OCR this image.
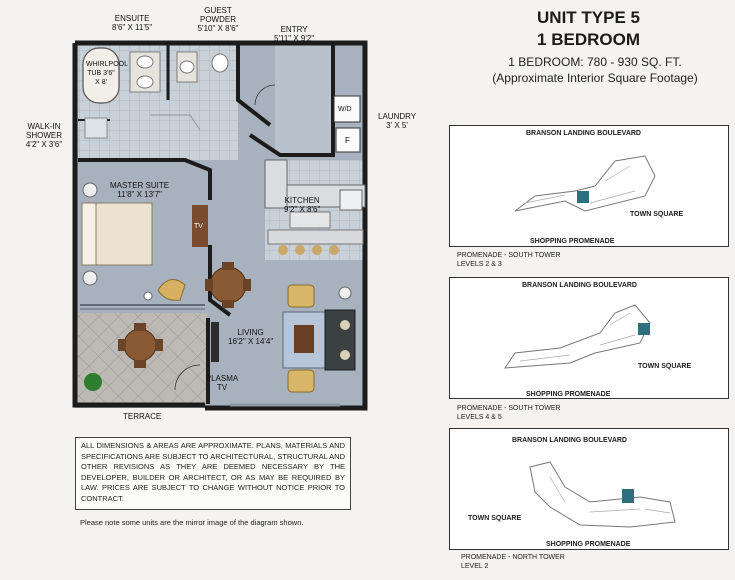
ENSUITE
8'6" X 11'5"
GUEST POWDER
5'10" X 8'6"	ENTRY
5'11" X 9'2"
LAUNDRY
3' X 5'
WALK-IN SHOWER
4'2" X 3'6"
MASTER SUITE
11'8" X 13'7"
KITCHEN
9'2" X 8'6"
LIVING
16'2" X 14'4"
TERRACE
WHIRLPOOL TUB 3'6" X 8'
W/D
F
TV
PLASMA TV
UNIT TYPE 5
1 BEDROOM
1 BEDROOM: 780 - 930 SQ. FT.
(Approximate Interior Square Footage)
BRANSON LANDING BOULEVARD
TOWN SQUARE
SHOPPING PROMENADE
PROMENADE - SOUTH TOWER
LEVELS 2 & 3
BRANSON LANDING BOULEVARD
TOWN SQUARE
SHOPPING PROMENADE
PROMENADE - SOUTH TOWER
LEVELS 4 & 5
BRANSON LANDING BOULEVARD
TOWN SQUARE
SHOPPING PROMENADE
PROMENADE - NORTH TOWER
LEVEL 2
ALL DIMENSIONS & AREAS ARE APPROXIMATE. PLANS, MATERIALS AND SPECIFICATIONS ARE SUBJECT TO ARCHITECTURAL, STRUCTURAL AND OTHER REVISIONS AS THEY ARE DEEMED NECESSARY BY THE DEVELOPER, BUILDER OR ARCHITECT, OR AS MAY BE REQUIRED BY LAW. PRICES ARE SUBJECT TO CHANGE WITHOUT NOTICE PRIOR TO CONTRACT.
Please note some units are the mirror image of the diagram shown.
